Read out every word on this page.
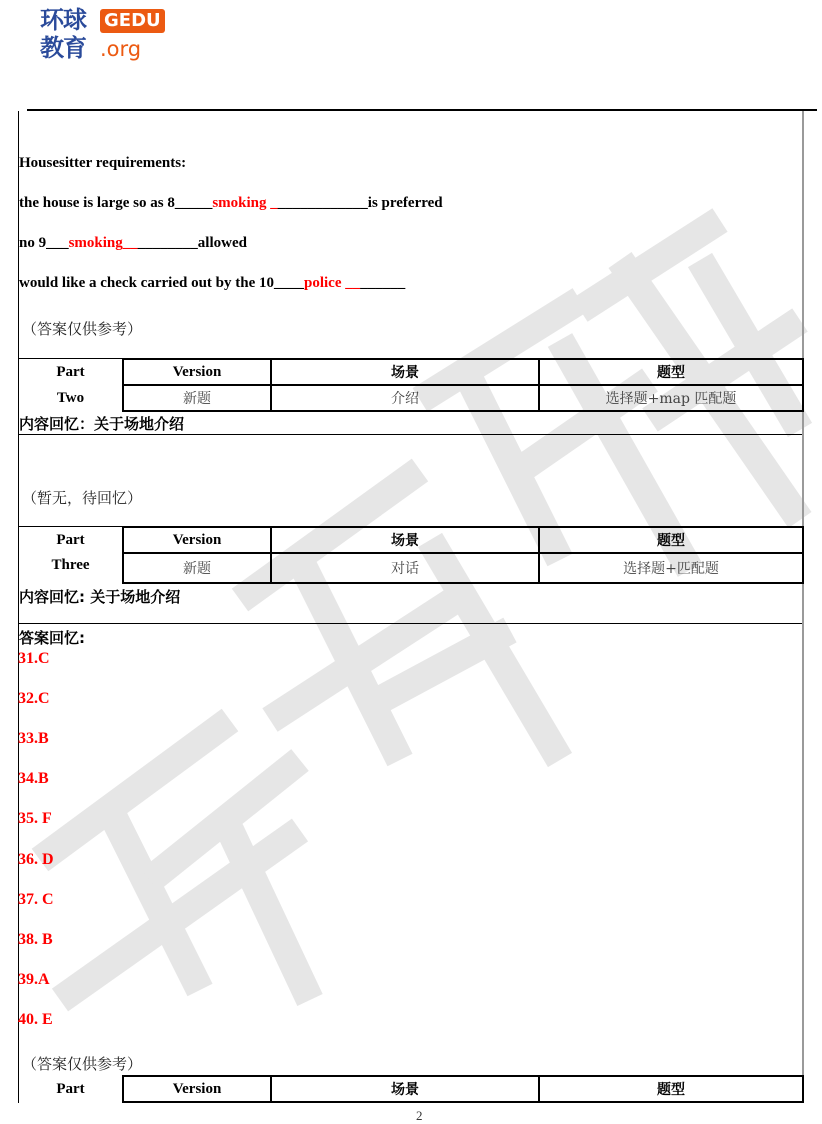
环球
教育
GEDU
.org
Housesitter requirements:
the house is large so as 8_____smoking _____________is preferred
no 9___smoking__________allowed
would like a check carried out by the 10____police ________
（答案仅供参考）
Part	Version	场景	题型
Two	新题	介绍	选择题+map 匹配题
内容回忆：关于场地介绍
（暂无，待回忆）
Part	Version	场景	题型
Three	新题	对话	选择题+匹配题
内容回忆: 关于场地介绍
答案回忆:
31.C
32.C
33.B
34.B
35. F
36. D
37. C
38. B
39.A
40. E
（答案仅供参考）
Part	Version	场景	题型
2
